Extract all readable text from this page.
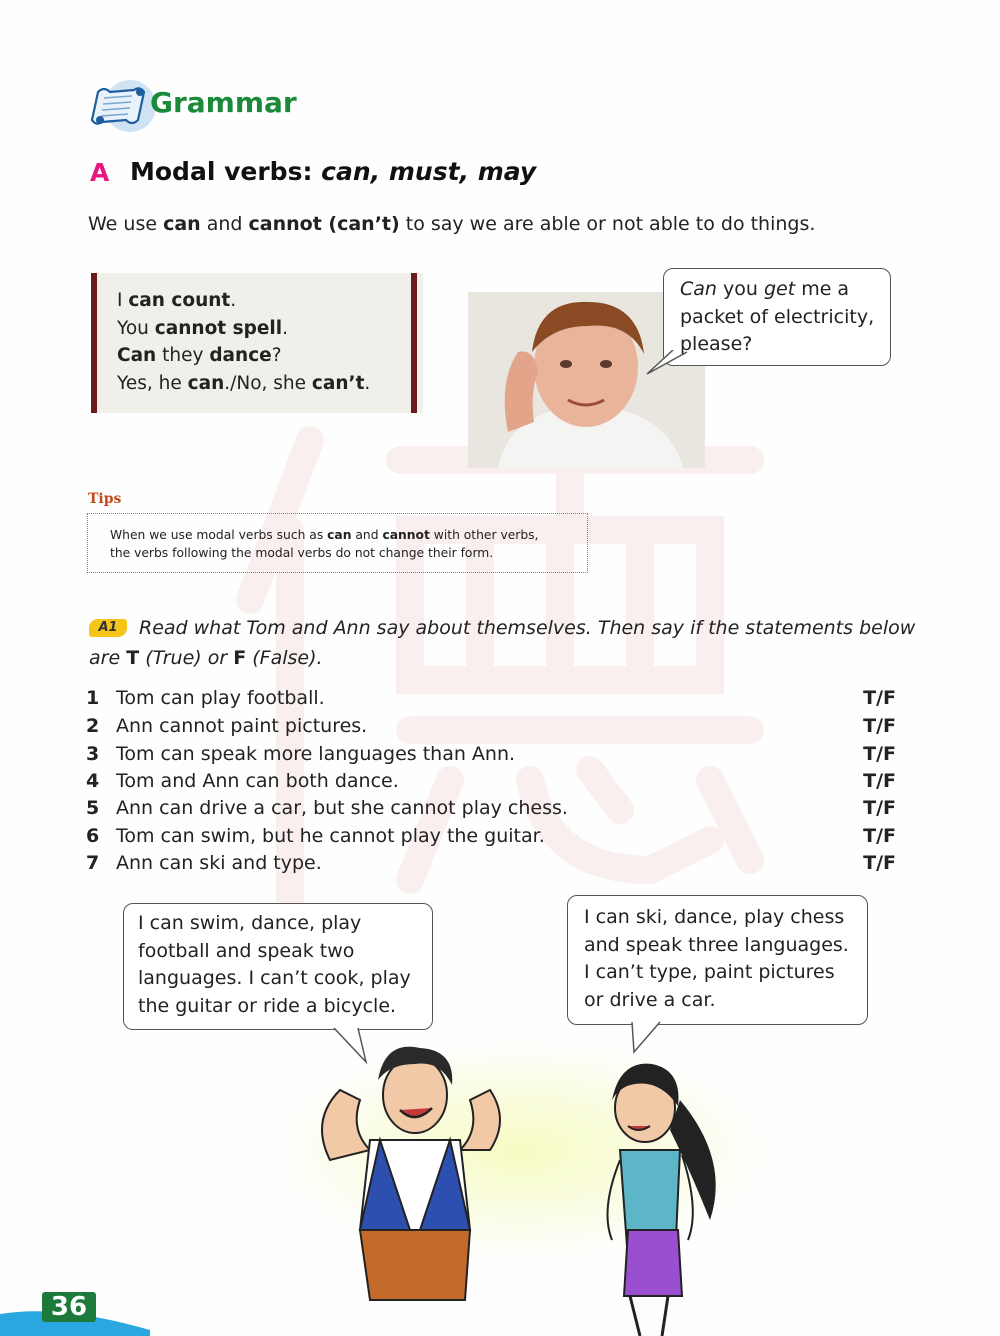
Grammar
A Modal verbs: can, must, may
We use can and cannot (can’t) to say we are able or not able to do things.
I can count.
You cannot spell.
Can they dance?
Yes, he can./No, she can’t.
Can you get me a
packet of electricity,
please?
Tips
When we use modal verbs such as can and cannot with other verbs,
the verbs following the modal verbs do not change their form.
Read what Tom and Ann say about themselves. Then say if the statements below are T (True) or F (False).
A1
1 Tom can play football.	T/F
2 Ann cannot paint pictures.	T/F
3 Tom can speak more languages than Ann.	T/F
4 Tom and Ann can both dance.	T/F
5 Ann can drive a car, but she cannot play chess.	T/F
6 Tom can swim, but he cannot play the guitar.	T/F
7 Ann can ski and type.	T/F
I can swim, dance, play
football and speak two
languages. I can’t cook, play
the guitar or ride a bicycle.
I can ski, dance, play chess
and speak three languages.
I can’t type, paint pictures
or drive a car.
36
